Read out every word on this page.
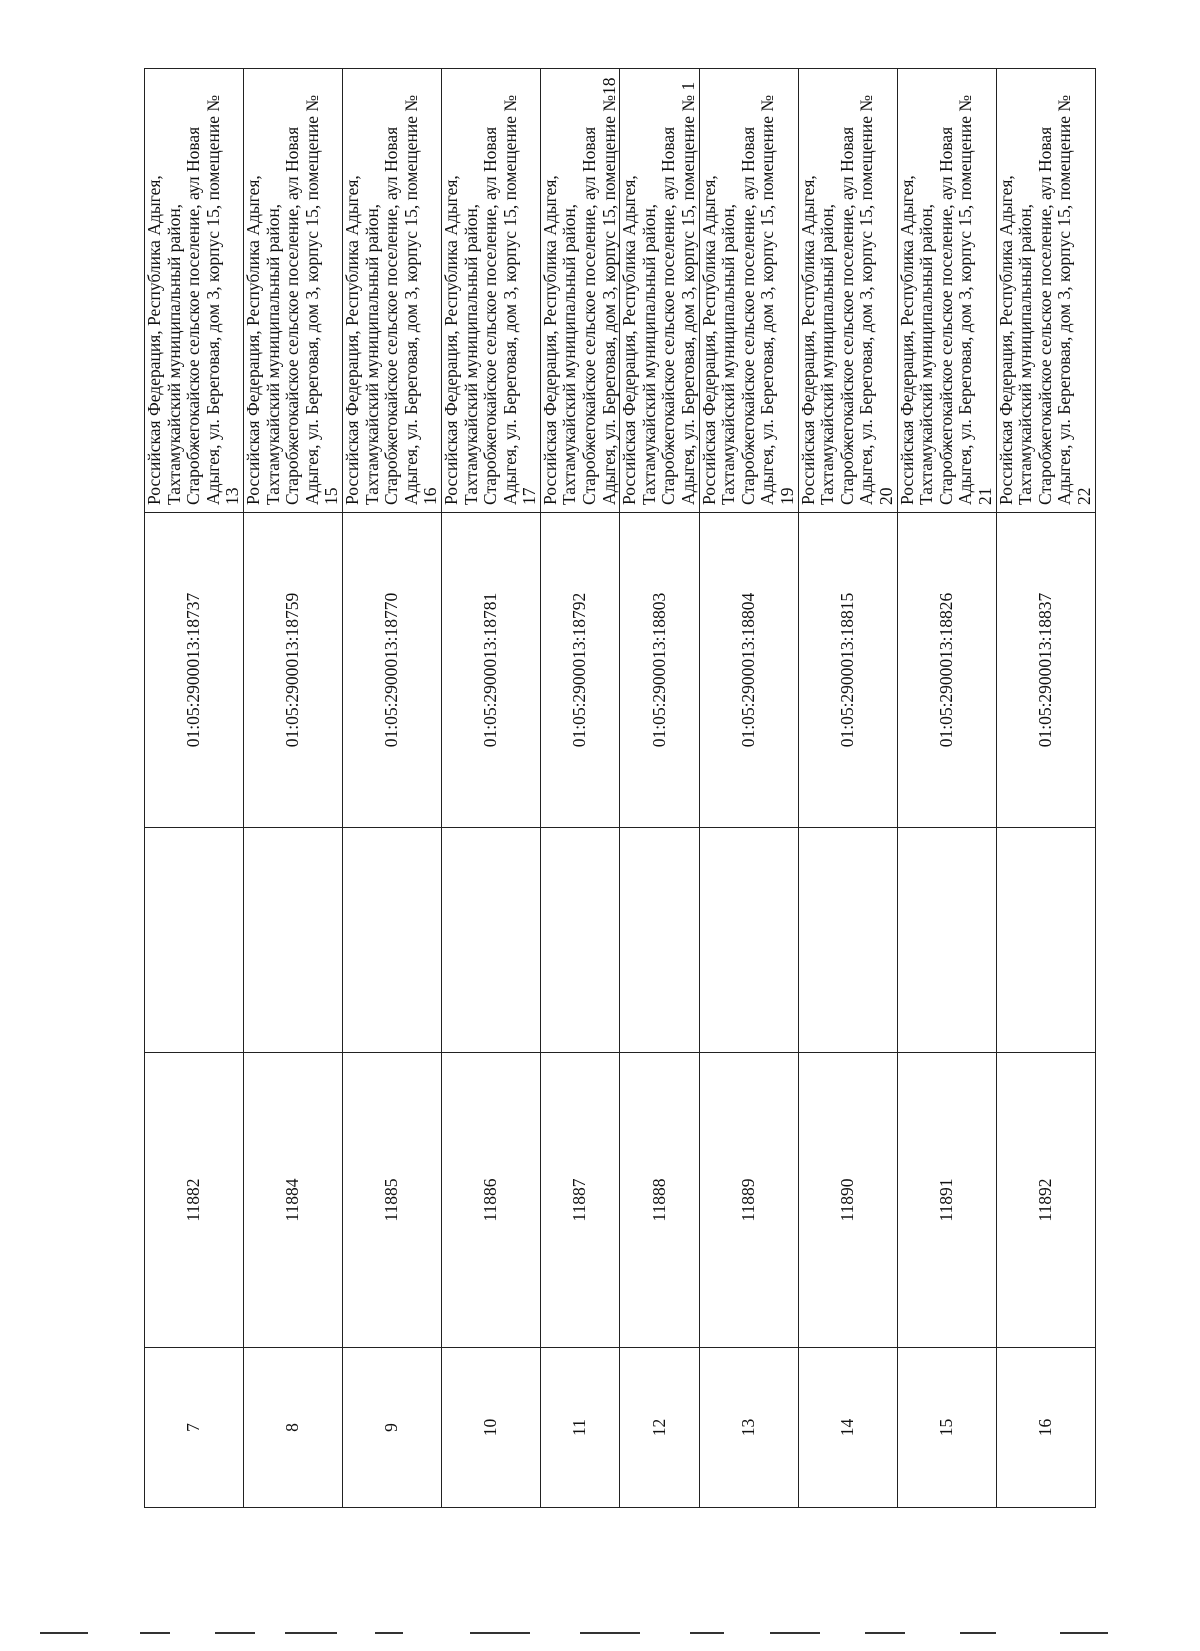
7	11882		01:05:2900013:18737	Российская Федерация, Республика Адыгея, Тахтамукайский муниципальный район, Старобжегокайское сельское поселение, аул Новая Адыгея, ул. Береговая, дом 3, корпус 15, помещение № 13
8	11884		01:05:2900013:18759	Российская Федерация, Республика Адыгея, Тахтамукайский муниципальный район, Старобжегокайское сельское поселение, аул Новая Адыгея, ул. Береговая, дом 3, корпус 15, помещение № 15
9	11885		01:05:2900013:18770	Российская Федерация, Республика Адыгея, Тахтамукайский муниципальный район, Старобжегокайское сельское поселение, аул Новая Адыгея, ул. Береговая, дом 3, корпус 15, помещение № 16
10	11886		01:05:2900013:18781	Российская Федерация, Республика Адыгея, Тахтамукайский муниципальный район, Старобжегокайское сельское поселение, аул Новая Адыгея, ул. Береговая, дом 3, корпус 15, помещение № 17
11	11887		01:05:2900013:18792	Российская Федерация, Республика Адыгея, Тахтамукайский муниципальный район, Старобжегокайское сельское поселение, аул Новая Адыгея, ул. Береговая, дом 3, корпус 15, помещение №18
12	11888		01:05:2900013:18803	Российская Федерация, Республика Адыгея, Тахтамукайский муниципальный район, Старобжегокайское сельское поселение, аул Новая Адыгея, ул. Береговая, дом 3, корпус 15, помещение № 1
13	11889		01:05:2900013:18804	Российская Федерация, Республика Адыгея, Тахтамукайский муниципальный район, Старобжегокайское сельское поселение, аул Новая Адыгея, ул. Береговая, дом 3, корпус 15, помещение № 19
14	11890		01:05:2900013:18815	Российская Федерация, Республика Адыгея, Тахтамукайский муниципальный район, Старобжегокайское сельское поселение, аул Новая Адыгея, ул. Береговая, дом 3, корпус 15, помещение № 20
15	11891		01:05:2900013:18826	Российская Федерация, Республика Адыгея, Тахтамукайский муниципальный район, Старобжегокайское сельское поселение, аул Новая Адыгея, ул. Береговая, дом 3, корпус 15, помещение № 21
16	11892		01:05:2900013:18837	Российская Федерация, Республика Адыгея, Тахтамукайский муниципальный район, Старобжегокайское сельское поселение, аул Новая Адыгея, ул. Береговая, дом 3, корпус 15, помещение № 22
